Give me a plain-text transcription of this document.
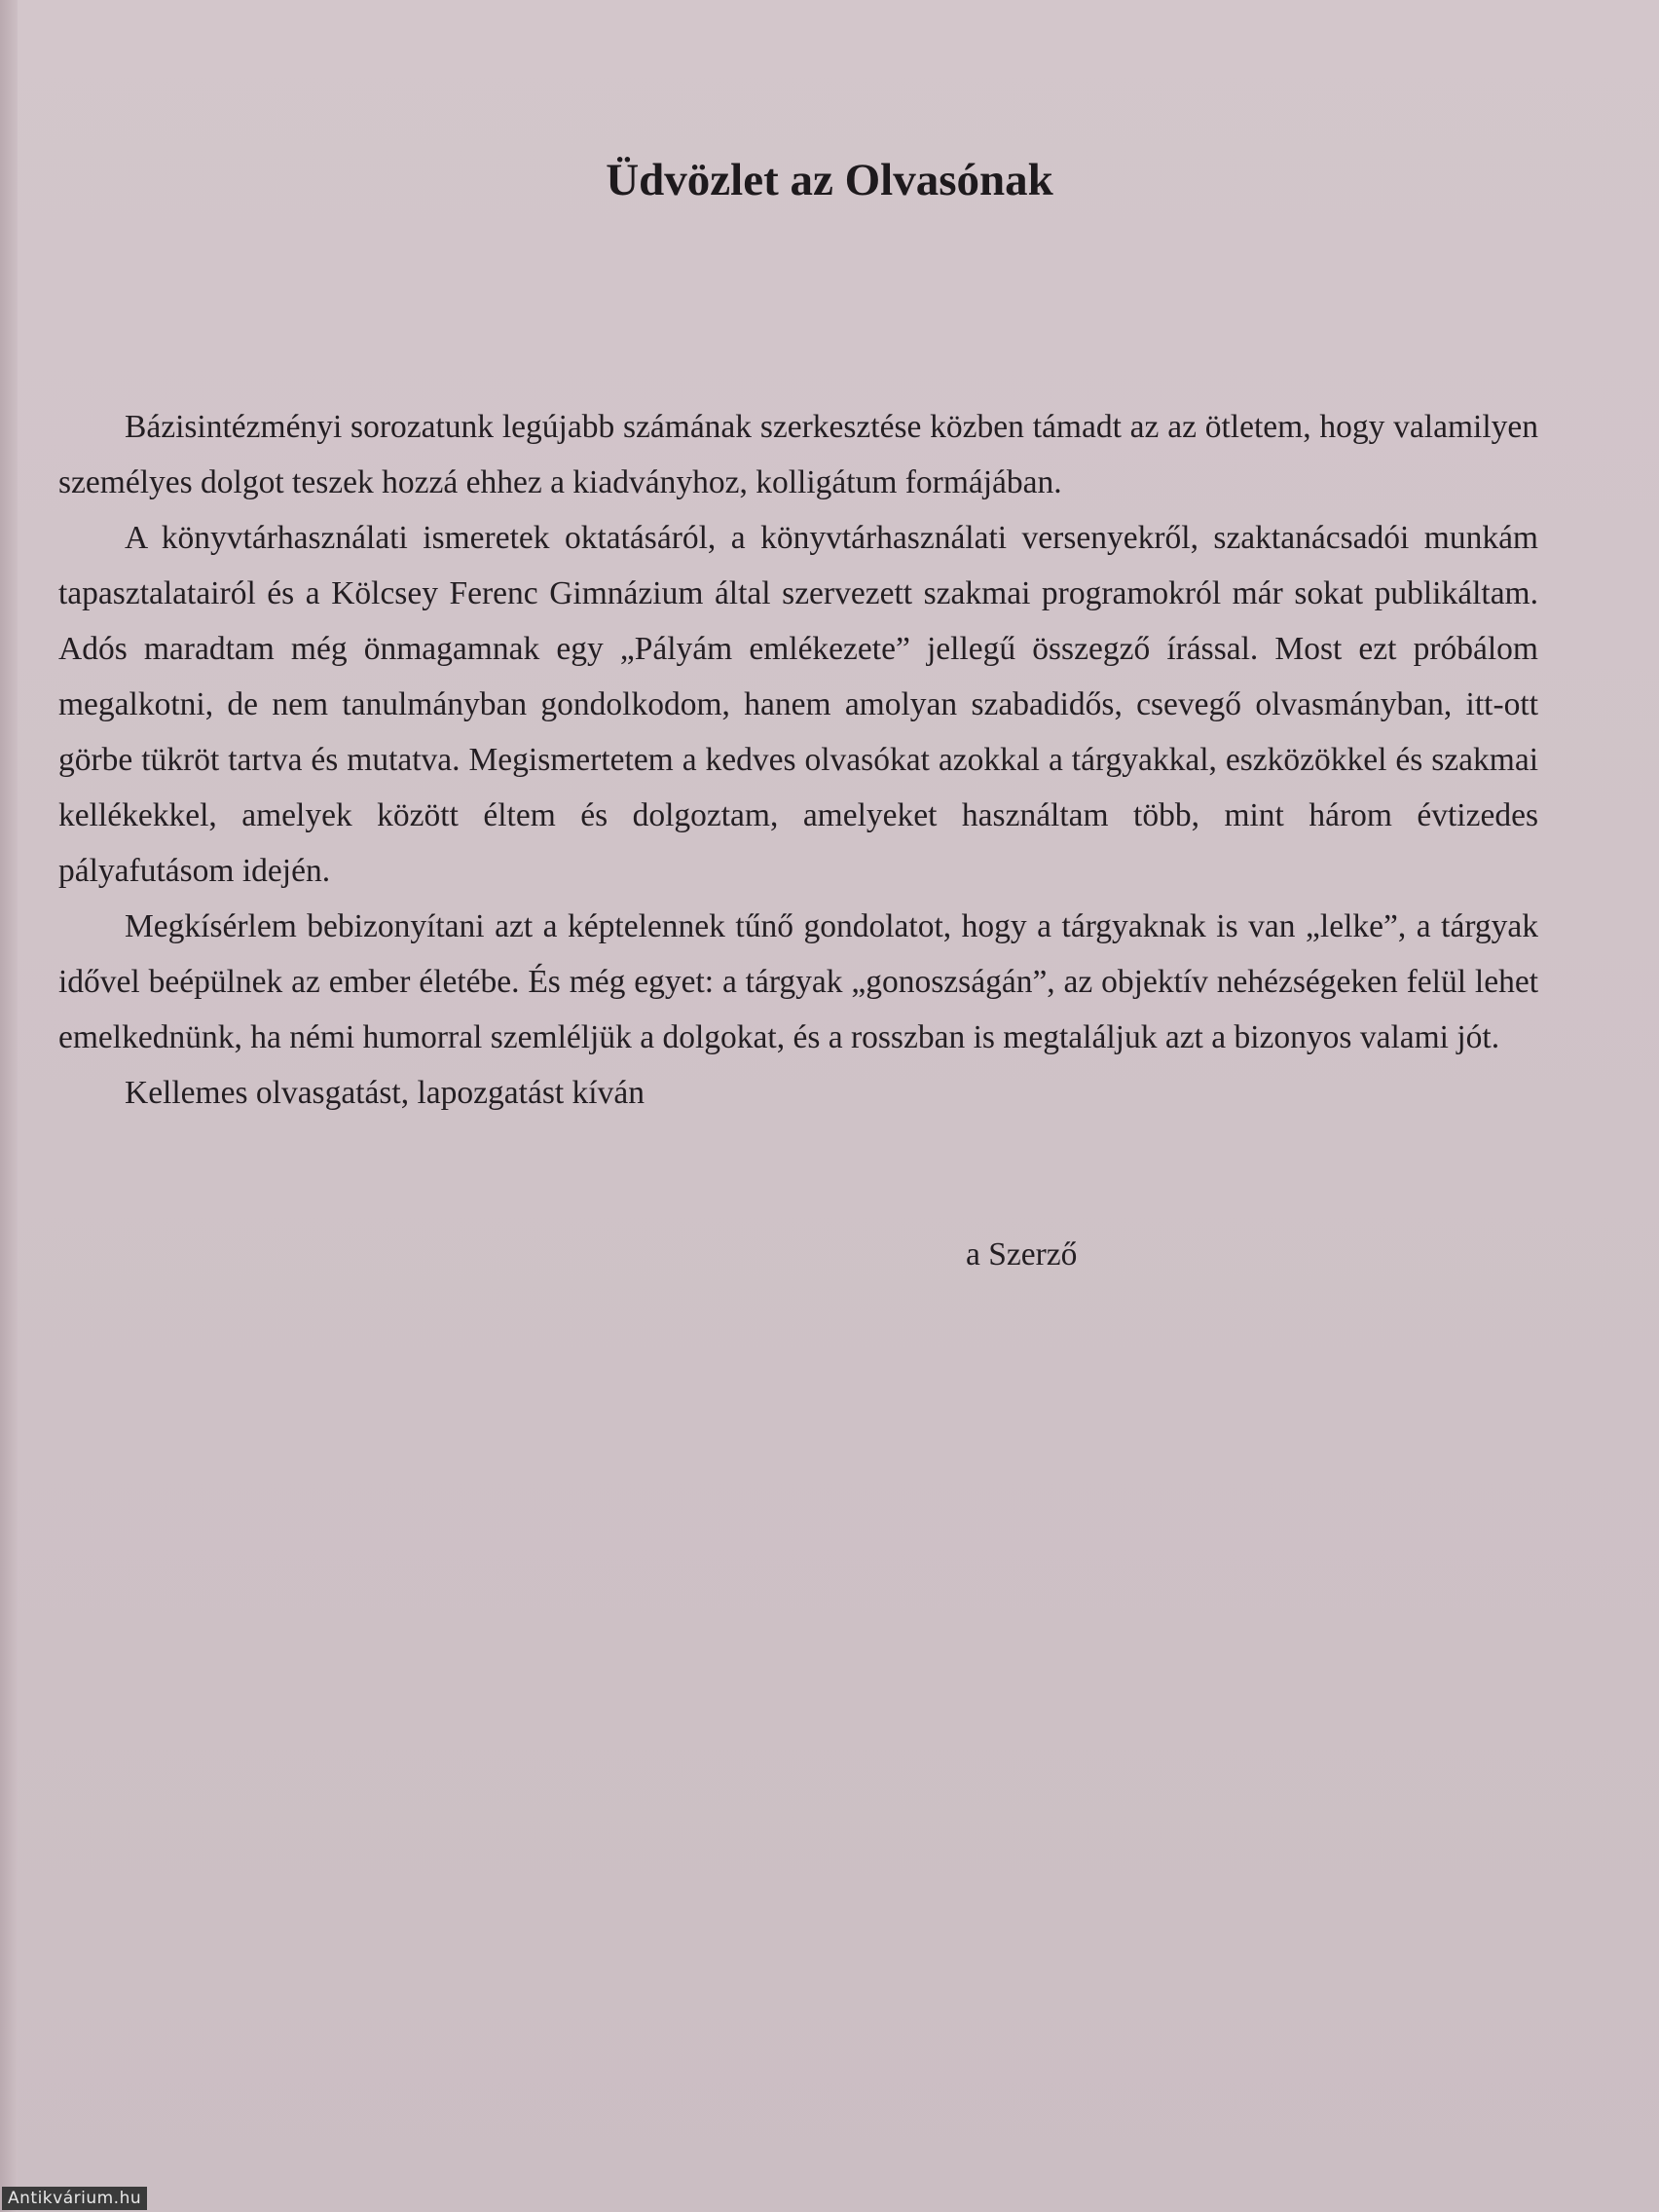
Üdvözlet az Olvasónak

Bázisintézményi sorozatunk legújabb számának szerkesztése közben támadt az az ötletem, hogy valamilyen személyes dolgot teszek hozzá ehhez a kiadványhoz, kolligátum formájában.

A könyvtárhasználati ismeretek oktatásáról, a könyvtárhasználati versenyekről, szaktanácsadói munkám tapasztalatairól és a Kölcsey Ferenc Gimnázium által szervezett szakmai programokról már sokat publikáltam. Adós maradtam még önmagamnak egy „Pályám emlékezete” jellegű összegző írással. Most ezt próbálom megalkotni, de nem tanulmányban gondolkodom, hanem amolyan szabadidős, csevegő olvasmányban, itt-ott görbe tükröt tartva és mutatva. Megismertetem a kedves olvasókat azokkal a tárgyakkal, eszközökkel és szakmai kellékekkel, amelyek között éltem és dolgoztam, amelyeket használtam több, mint három évtizedes pályafutásom idején.

Megkísérlem bebizonyítani azt a képtelennek tűnő gondolatot, hogy a tárgyaknak is van „lelke”, a tárgyak idővel beépülnek az ember életébe. És még egyet: a tárgyak „gonoszságán”, az objektív nehézségeken felül lehet emelkednünk, ha némi humorral szemléljük a dolgokat, és a rosszban is megtaláljuk azt a bizonyos valami jót.

Kellemes olvasgatást, lapozgatást kíván

a Szerző

Antikvárium.hu
